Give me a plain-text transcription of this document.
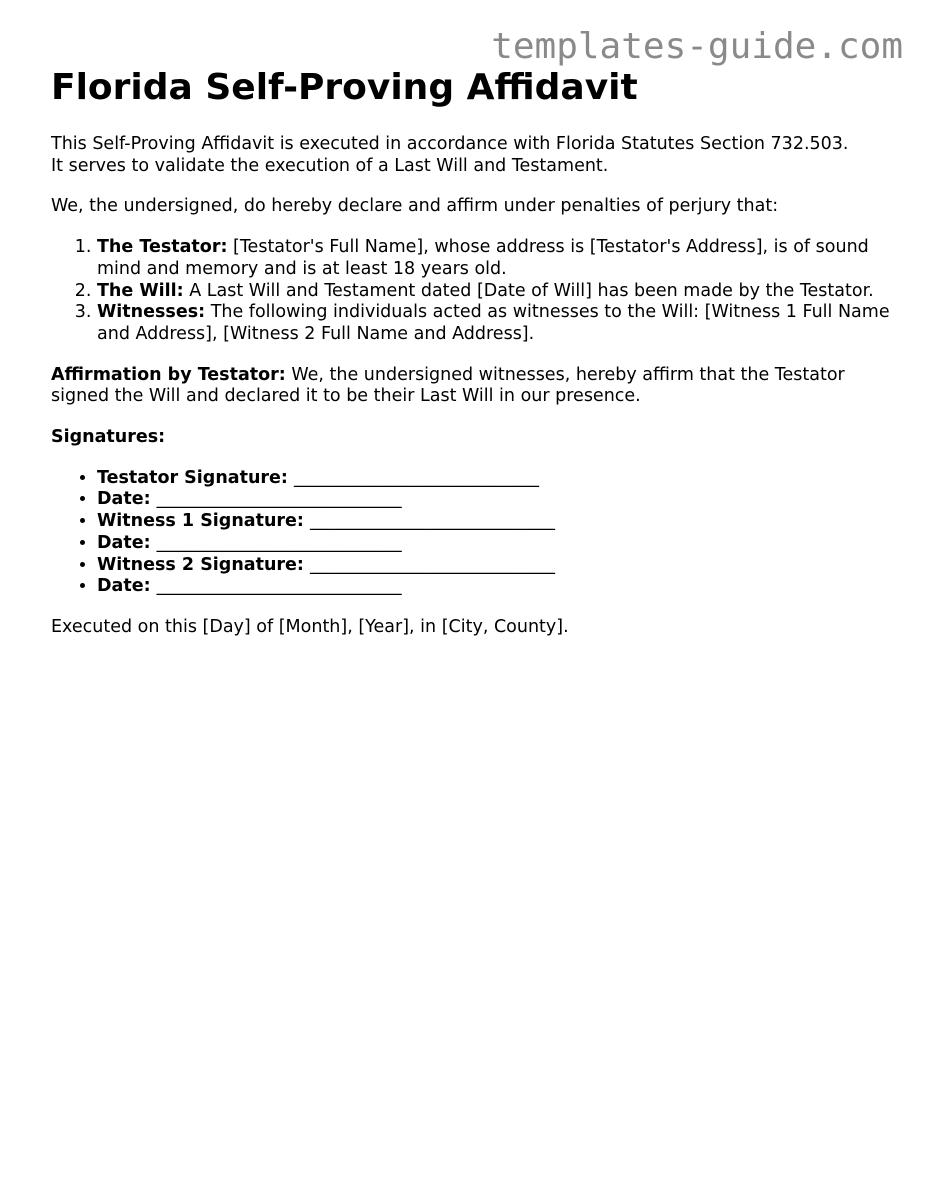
templates-guide.com
Florida Self-Proving Affidavit

This Self-Proving Affidavit is executed in accordance with Florida Statutes Section 732.503.
It serves to validate the execution of a Last Will and Testament.

We, the undersigned, do hereby declare and affirm under penalties of perjury that:

1. The Testator: [Testator's Full Name], whose address is [Testator's Address], is of sound mind and memory and is at least 18 years old.
2. The Will: A Last Will and Testament dated [Date of Will] has been made by the Testator.
3. Witnesses: The following individuals acted as witnesses to the Will: [Witness 1 Full Name and Address], [Witness 2 Full Name and Address].

Affirmation by Testator: We, the undersigned witnesses, hereby affirm that the Testator signed the Will and declared it to be their Last Will in our presence.

Signatures:

• Testator Signature: ____________________________
• Date: ____________________________
• Witness 1 Signature: ____________________________
• Date: ____________________________
• Witness 2 Signature: ____________________________
• Date: ____________________________

Executed on this [Day] of [Month], [Year], in [City, County].
